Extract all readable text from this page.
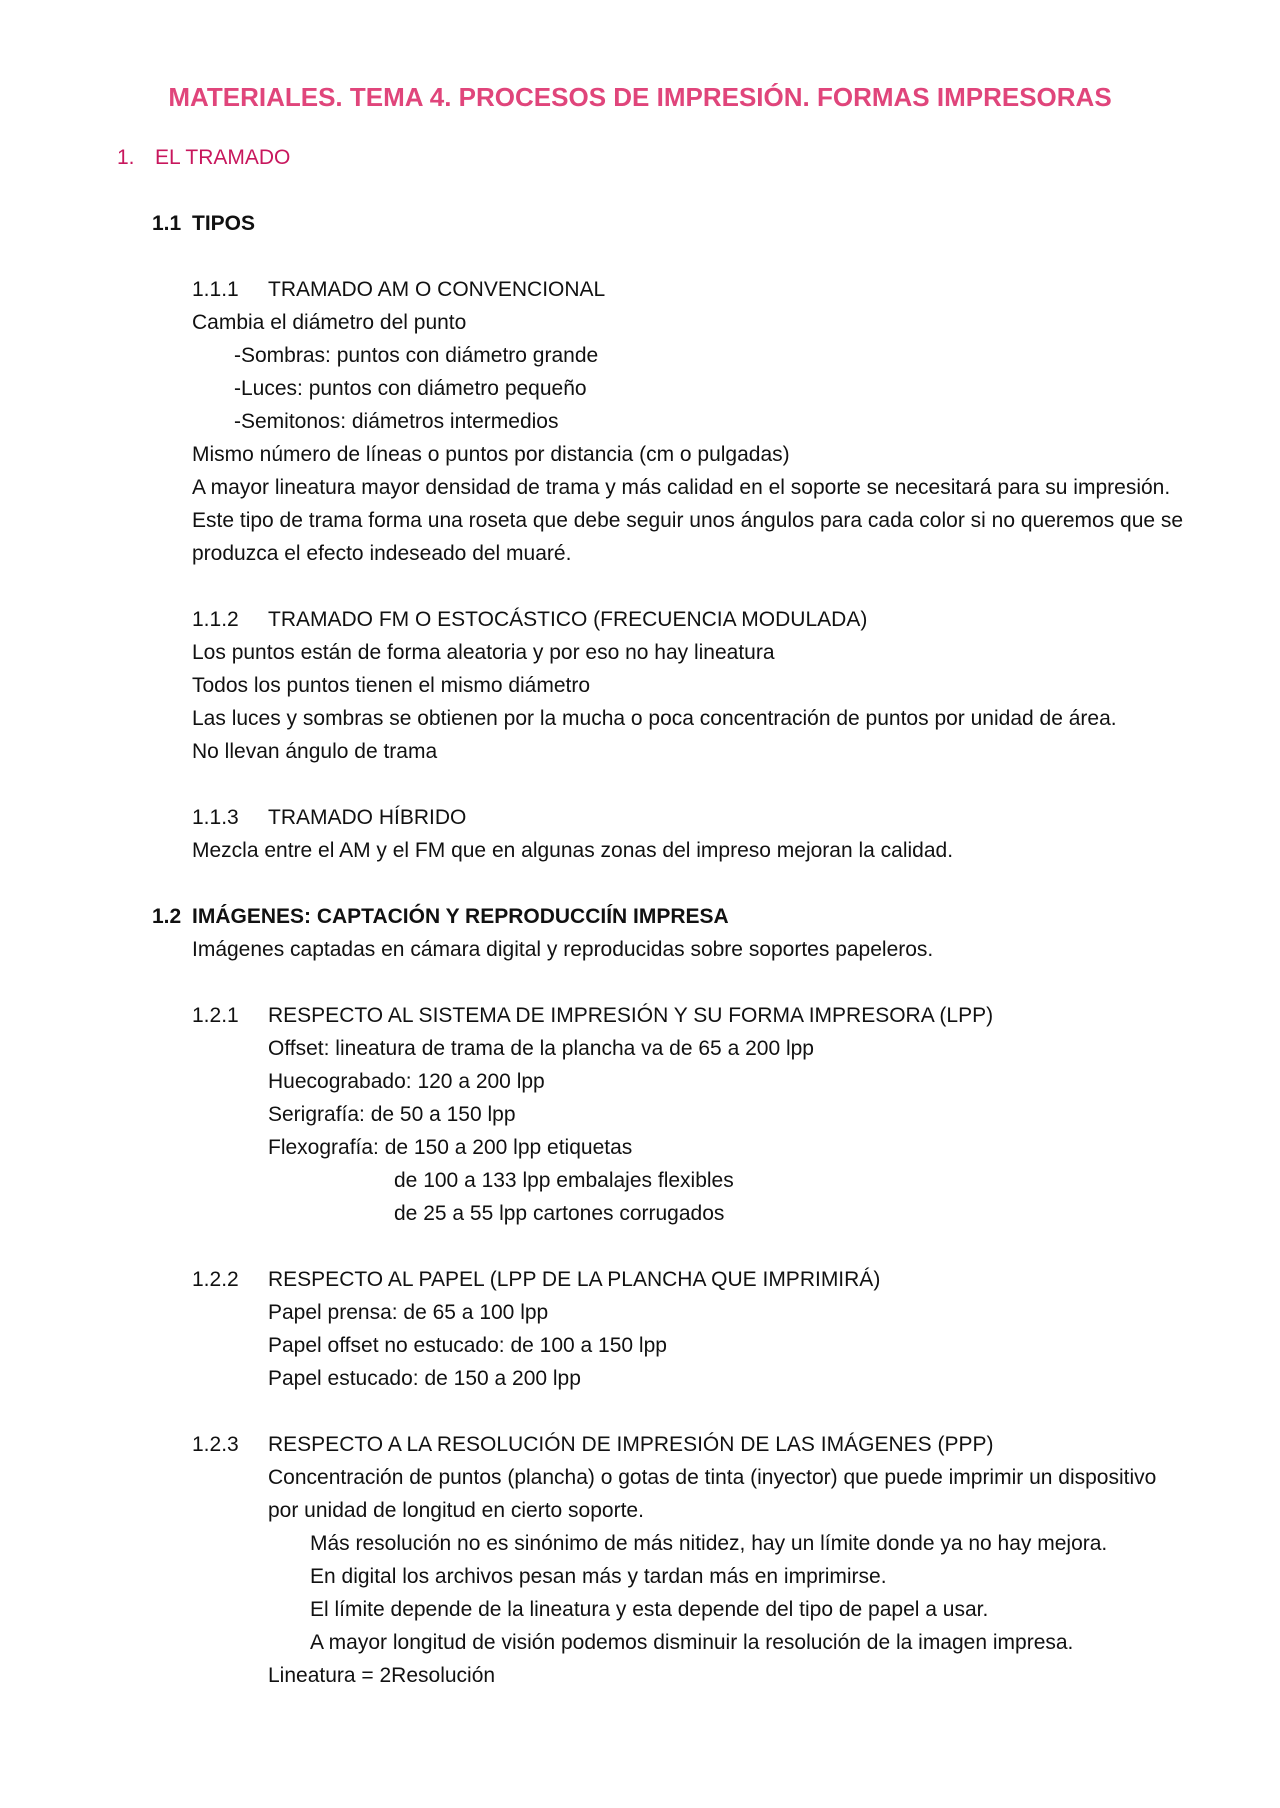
MATERIALES. TEMA 4. PROCESOS DE IMPRESIÓN. FORMAS IMPRESORAS
1. EL TRAMADO
1.1 TIPOS
1.1.1 TRAMADO AM O CONVENCIONAL

Cambia el diámetro del punto

-Sombras: puntos con diámetro grande

-Luces: puntos con diámetro pequeño

-Semitonos: diámetros intermedios

Mismo número de líneas o puntos por distancia (cm o pulgadas)

A mayor lineatura mayor densidad de trama y más calidad en el soporte se necesitará para su impresión.

Este tipo de trama forma una roseta que debe seguir unos ángulos para cada color si no queremos que se

produzca el efecto indeseado del muaré.

1.1.2 TRAMADO FM O ESTOCÁSTICO (FRECUENCIA MODULADA)

Los puntos están de forma aleatoria y por eso no hay lineatura

Todos los puntos tienen el mismo diámetro

Las luces y sombras se obtienen por la mucha o poca concentración de puntos por unidad de área.

No llevan ángulo de trama

1.1.3 TRAMADO HÍBRIDO

Mezcla entre el AM y el FM que en algunas zonas del impreso mejoran la calidad.

1.2 IMÁGENES: CAPTACIÓN Y REPRODUCCIÍN IMPRESA

Imágenes captadas en cámara digital y reproducidas sobre soportes papeleros.

1.2.1 RESPECTO AL SISTEMA DE IMPRESIÓN Y SU FORMA IMPRESORA (LPP)

Offset: lineatura de trama de la plancha va de 65 a 200 lpp

Huecograbado: 120 a 200 lpp

Serigrafía: de 50 a 150 lpp

Flexografía: de 150 a 200 lpp etiquetas

de 100 a 133 lpp embalajes flexibles

de 25 a 55 lpp cartones corrugados

1.2.2 RESPECTO AL PAPEL (LPP DE LA PLANCHA QUE IMPRIMIRÁ)

Papel prensa: de 65 a 100 lpp

Papel offset no estucado: de 100 a 150 lpp

Papel estucado: de 150 a 200 lpp

1.2.3 RESPECTO A LA RESOLUCIÓN DE IMPRESIÓN DE LAS IMÁGENES (PPP)

Concentración de puntos (plancha) o gotas de tinta (inyector) que puede imprimir un dispositivo

por unidad de longitud en cierto soporte.

Más resolución no es sinónimo de más nitidez, hay un límite donde ya no hay mejora.

En digital los archivos pesan más y tardan más en imprimirse.

El límite depende de la lineatura y esta depende del tipo de papel a usar.

A mayor longitud de visión podemos disminuir la resolución de la imagen impresa.

Lineatura = 2Resolución
